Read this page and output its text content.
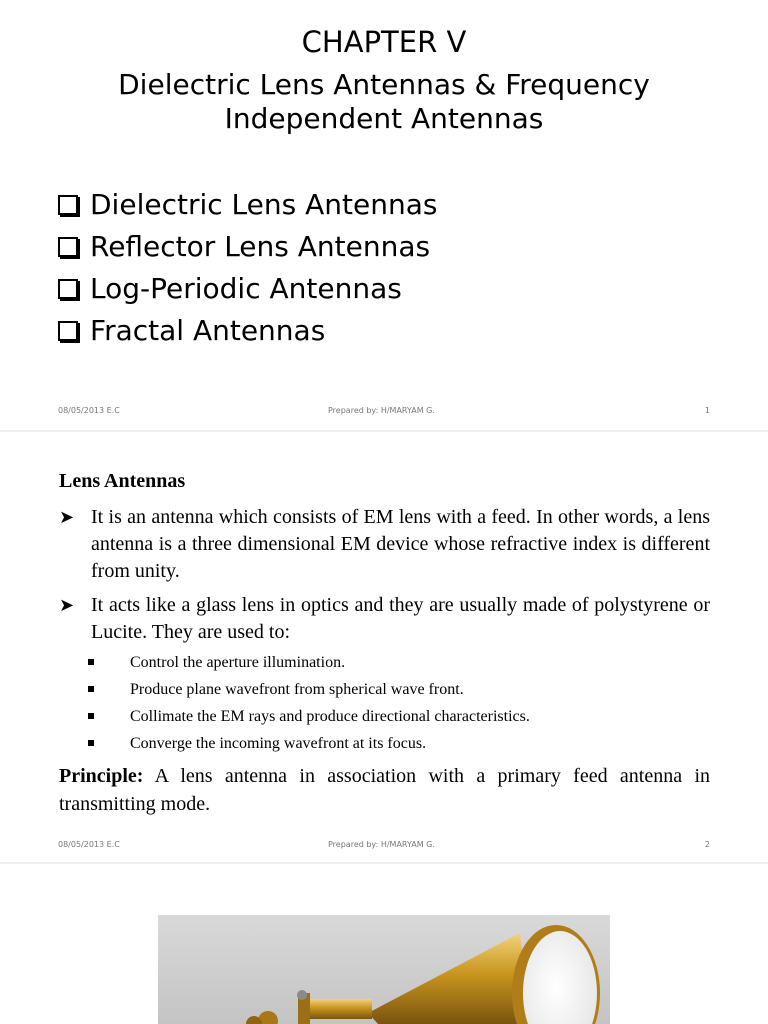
CHAPTER V
Dielectric Lens Antennas & Frequency Independent Antennas
Dielectric Lens Antennas
Reflector Lens Antennas
Log-Periodic Antennas
Fractal Antennas
08/05/2013 E.C	Prepared by: H/MARYAM G.	1
Lens Antennas
➤ It is an antenna which consists of EM lens with a feed. In other words, a lens antenna is a three dimensional EM device whose refractive index is different from unity.
➤ It acts like a glass lens in optics and they are usually made of polystyrene or Lucite. They are used to:
Control the aperture illumination.
Produce plane wavefront from spherical wave front.
Collimate the EM rays and produce directional characteristics.
Converge the incoming wavefront at its focus.
Principle: A lens antenna in association with a primary feed antenna in transmitting mode.
08/05/2013 E.C	Prepared by: H/MARYAM G.	2
